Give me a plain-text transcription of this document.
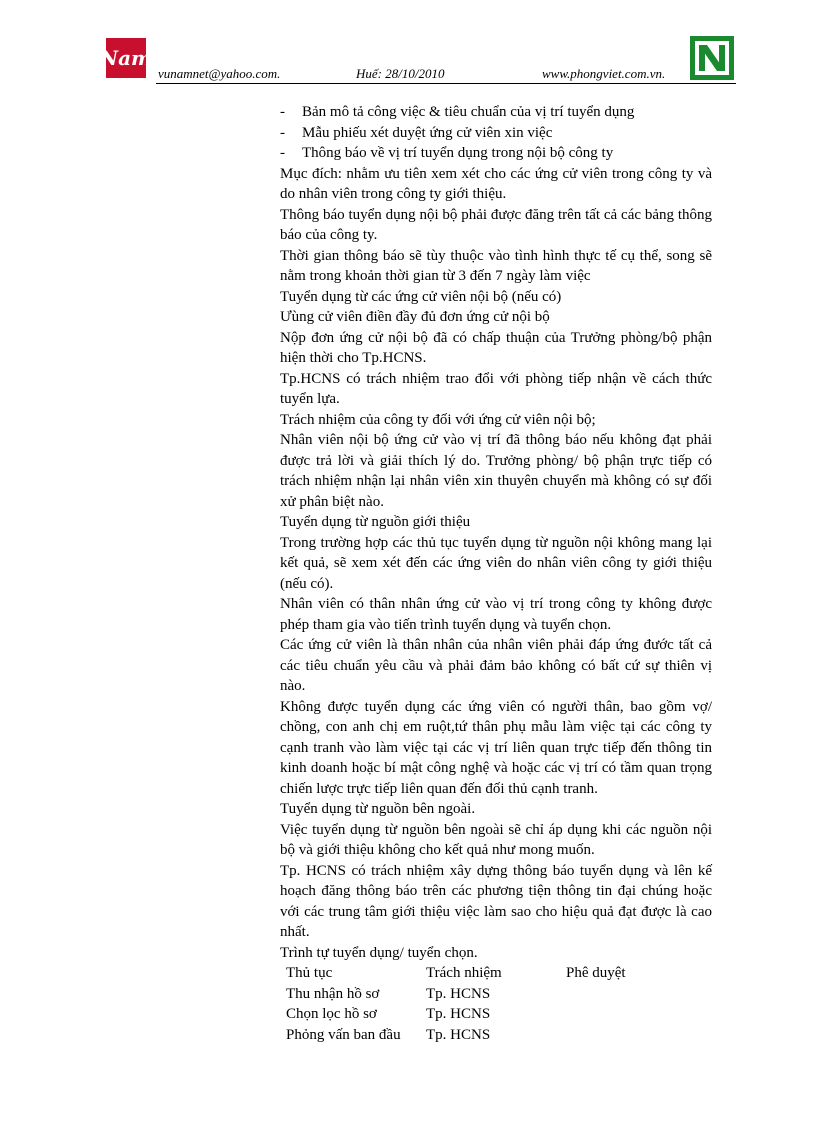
Nam
vunamnet@yahoo.com.	Huế: 28/10/2010	www.phongviet.com.vn.
-	Bản mô tả công việc & tiêu chuẩn của vị trí tuyển dụng
-	Mẫu phiếu xét duyệt ứng cử viên xin việc
-	Thông báo về vị trí tuyển dụng trong nội bộ công ty
Mục đích: nhằm ưu tiên xem xét cho các ứng cử viên trong công ty và do nhân viên trong công ty giới thiệu.
Thông báo tuyển dụng nội bộ phải được đăng trên tất cả các bảng thông báo của công ty.
Thời gian thông báo sẽ tùy thuộc vào tình hình thực tế cụ thể, song sẽ nằm trong khoản thời gian từ 3 đến 7 ngày làm việc
Tuyển dụng từ các ứng cử viên nội bộ (nếu có)
Ưùng cử viên điền đầy đủ đơn ứng cử nội bộ
Nộp đơn ứng cử nội bộ đã có chấp thuận của Trưởng phòng/bộ phận hiện thời cho Tp.HCNS.
Tp.HCNS có trách nhiệm trao đổi với phòng tiếp nhận về cách thức tuyển lựa.
Trách nhiệm của công ty đối với ứng cử viên nội bộ;
Nhân viên nội bộ ứng cử vào vị trí đã thông báo nếu không đạt phải được trả lời và giải thích lý do. Trưởng phòng/ bộ phận trực tiếp có trách nhiệm nhận lại nhân viên xin thuyên chuyển mà không có sự đối xử phân biệt nào.
Tuyển dụng từ nguồn giới thiệu
Trong trường hợp các thủ tục tuyển dụng từ nguồn nội không mang lại kết quả, sẽ xem xét đến các ứng viên do nhân viên công ty giới thiệu (nếu có).
Nhân viên có thân nhân ứng cử vào vị trí trong công ty không được phép tham gia vào tiến trình tuyển dụng và tuyển chọn.
Các ứng cử viên là thân nhân của nhân viên phải đáp ứng đước tất cả các tiêu chuẩn yêu cầu và phải đảm bảo không có bất cứ sự thiên vị nào.
Không được tuyển dụng các ứng viên có người thân, bao gồm vợ/ chồng, con anh chị em ruột,tứ thân phụ mẫu làm việc tại các công ty cạnh tranh vào làm việc tại các vị trí liên quan trực tiếp đến thông tin kinh doanh hoặc bí mật công nghệ và hoặc các vị trí có tầm quan trọng chiến lược trực tiếp liên quan đến đối thủ cạnh tranh.
Tuyển dụng từ nguồn bên ngoài.
Việc tuyển dụng từ nguồn bên ngoài sẽ chỉ áp dụng khi các nguồn nội bộ và giới thiệu không cho kết quả như mong muốn.
Tp. HCNS có trách nhiệm xây dựng thông báo tuyển dụng và lên kế hoạch đăng thông báo trên các phương tiện thông tin đại chúng hoặc với các trung tâm giới thiệu việc làm sao cho hiệu quả đạt được là cao nhất.
Trình tự tuyển dụng/ tuyển chọn.
Thủ tục	Trách nhiệm	Phê duyệt
Thu nhận hồ sơ	Tp. HCNS
Chọn lọc hồ sơ	Tp. HCNS
Phỏng vấn ban đầu	Tp. HCNS
